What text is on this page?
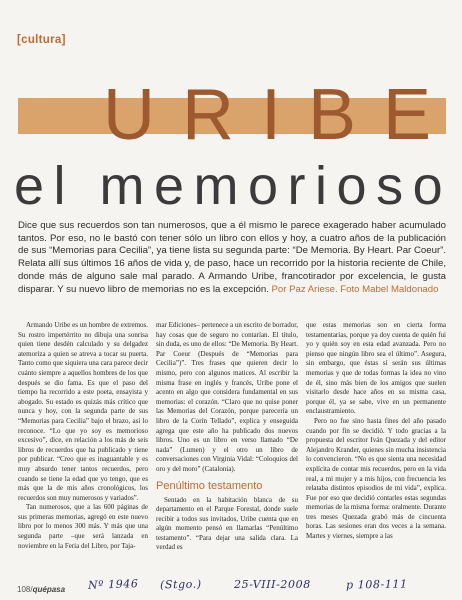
[cultura]
URIBE
el memorioso

Dice que sus recuerdos son tan numerosos, que a él mismo le parece exagerado haber acumulado tantos. Por eso, no le bastó con tener sólo un libro con ellos y hoy, a cuatro años de la publicación de sus “Memorias para Cecilia”, ya tiene lista su segunda parte: “De Memoria. By Heart. Par Coeur”. Relata allí sus últimos 16 años de vida y, de paso, hace un recorrido por la historia reciente de Chile, donde más de alguno sale mal parado. A Armando Uribe, francotirador por excelencia, le gusta disparar. Y su nuevo libro de memorias no es la excepción. Por Paz Ariese. Foto Mabel Maldonado

Armando Uribe es un hombre de extremos. Su rostro impertérrito no dibuja una sonrisa quien tiene desdén calculado y su delgadez atemoriza a quien se atreva a tocar su puerta. Tanto como que siquiera una cara parece decir cuánto siempre a aquellos hombres de los que después se dio fama. Es que el paso del tiempo ha recorrido a este poeta, ensayista y abogado. Su estado es quizás más crítico que nunca y hoy, con la segunda parte de sus “Memorias para Cecilia” bajo el brazo, así lo reconoce. “Lo que yo soy es memorioso excesivo”, dice, en relación a los más de seis libros de recuerdos que ha publicado y tiene por publicar. “Creo que es inaguantable y es muy absurdo tener tantos recuerdos, pero cuando se tiene la edad que yo tengo, que es más que la de mis años cronológicos, los recuerdos son muy numerosos y variados”.

Tan numerosos, que a las 600 páginas de sus primeras memorias, agregó en este nuevo libro por lo menos 300 más. Y más que una segunda parte –que será lanzada en noviembre en la Feria del Libro, por Taja-

mar Ediciones– pertenece a un escrito de borrador, hay cosas que de seguro no contarían. El título, sin duda, es uno de ellos: “De Memoria. By Heart. Par Coeur (Después de “Memorias para Cecilia”)”. Tres frases que quieren decir lo mismo, pero con algunos matices. Al escribir la misma frase en inglés y francés, Uribe pone el acento en algo que considera fundamental en sus memorias: el corazón. “Claro que no quise poner las Memorias del Corazón, porque parecería un libro de la Corín Tellado”, explica y enseguida agrega que este año ha publicado dos nuevos libros. Uno es un libro en verso llamado “De nada” (Lumen) y el otro un libro de conversaciones con Virginia Vidal: “Coloquios del oro y del moro” (Catalonia).

Penúltimo testamento

Sentado en la habitación blanca de su departamento en el Parque Forestal, donde suele recibir a todos sus invitados, Uribe cuenta que en algún momento pensó en llamarlas “Penúltimo testamento”. “Para dejar una salida clara. La verdad es

que estas memorias son en cierta forma testamentarias, porque ya doy cuenta de quién fui yo y quién soy en esta edad avanzada. Pero no pienso que ningún libro sea el último”. Asegura, sin embargo, que éstas sí serán sus últimas memorias y que de todas formas la idea no vino de él, sino más bien de los amigos que suelen visitarlo desde hace años en su misma casa, porque él, ya se sabe, vive en un permanente enclaustramiento.

Pero no fue sino hasta fines del año pasado cuando por fin se decidió. Y todo gracias a la propuesta del escritor Iván Quezada y del editor Alejandro Krander, quienes sin mucha insistencia lo convencieron. “No es que sienta una necesidad explícita de contar mis recuerdos, pero en la vida real, a mi mujer y a mis hijos, con frecuencia les relataba distintos episodios de mi vida”, explica. Fue por eso que decidió contarles estas segundas memorias de la misma forma: oralmente. Durante tres meses Quezada grabó más de cincuenta horas. Las sesiones eran dos veces a la semana. Martes y viernes, siempre a las

108/quépasa Nº 1946 (Stgo.)	25-VIII-2008	p 108-111
